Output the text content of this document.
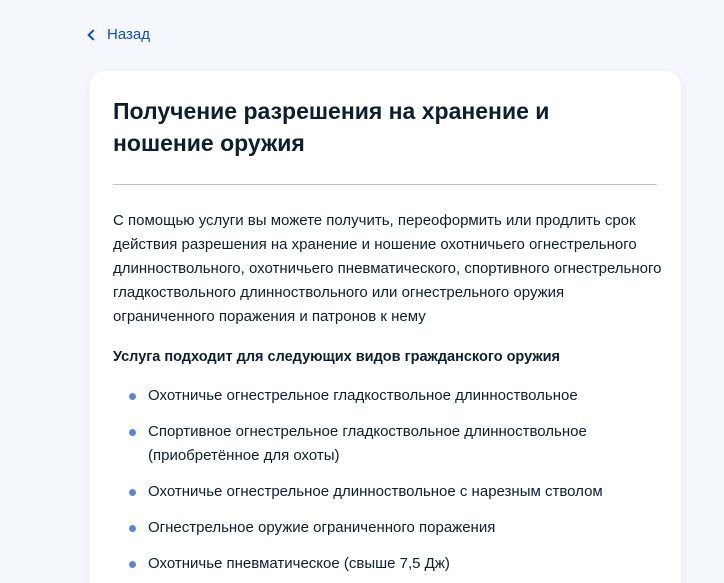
Назад
Получение разрешения на хранение и ношение оружия

С помощью услуги вы можете получить, переоформить или продлить срок действия разрешения на хранение и ношение охотничьего огнестрельного длинноствольного, охотничьего пневматического, спортивного огнестрельного гладкоствольного длинноствольного или огнестрельного оружия ограниченного поражения и патронов к нему

Услуга подходит для следующих видов гражданского оружия

Охотничье огнестрельное гладкоствольное длинноствольное
Спортивное огнестрельное гладкоствольное длинноствольное (приобретённое для охоты)
Охотничье огнестрельное длинноствольное с нарезным стволом
Огнестрельное оружие ограниченного поражения
Охотничье пневматическое (свыше 7,5 Дж)
